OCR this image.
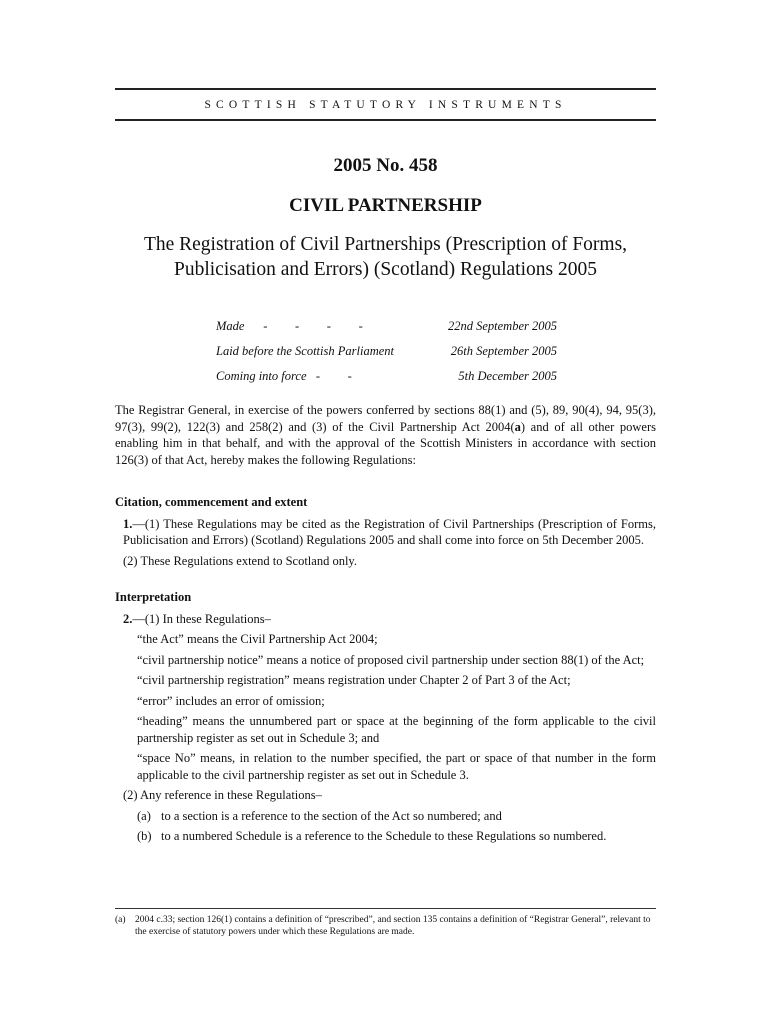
SCOTTISH STATUTORY INSTRUMENTS
2005 No. 458
CIVIL PARTNERSHIP
The Registration of Civil Partnerships (Prescription of Forms,
Publicisation and Errors) (Scotland) Regulations 2005
Made -     -     -     -	22nd September 2005
Laid before the Scottish Parliament	26th September 2005
Coming into force -     -	5th December 2005

The Registrar General, in exercise of the powers conferred by sections 88(1) and (5), 89, 90(4), 94, 95(3), 97(3), 99(2), 122(3) and 258(2) and (3) of the Civil Partnership Act 2004(a) and of all other powers enabling him in that behalf, and with the approval of the Scottish Ministers in accordance with section 126(3) of that Act, hereby makes the following Regulations:

Citation, commencement and extent

1.—(1) These Regulations may be cited as the Registration of Civil Partnerships (Prescription of Forms, Publicisation and Errors) (Scotland) Regulations 2005 and shall come into force on 5th December 2005.

(2) These Regulations extend to Scotland only.

Interpretation

2.—(1) In these Regulations–

“the Act” means the Civil Partnership Act 2004;

“civil partnership notice” means a notice of proposed civil partnership under section 88(1) of the Act;

“civil partnership registration” means registration under Chapter 2 of Part 3 of the Act;

“error” includes an error of omission;

“heading” means the unnumbered part or space at the beginning of the form applicable to the civil partnership register as set out in Schedule 3; and

“space No” means, in relation to the number specified, the part or space of that number in the form applicable to the civil partnership register as set out in Schedule 3.

(2) Any reference in these Regulations–

(a) to a section is a reference to the section of the Act so numbered; and

(b) to a numbered Schedule is a reference to the Schedule to these Regulations so numbered.

(a) 2004 c.33; section 126(1) contains a definition of “prescribed”, and section 135 contains a definition of “Registrar General”, relevant to the exercise of statutory powers under which these Regulations are made.
